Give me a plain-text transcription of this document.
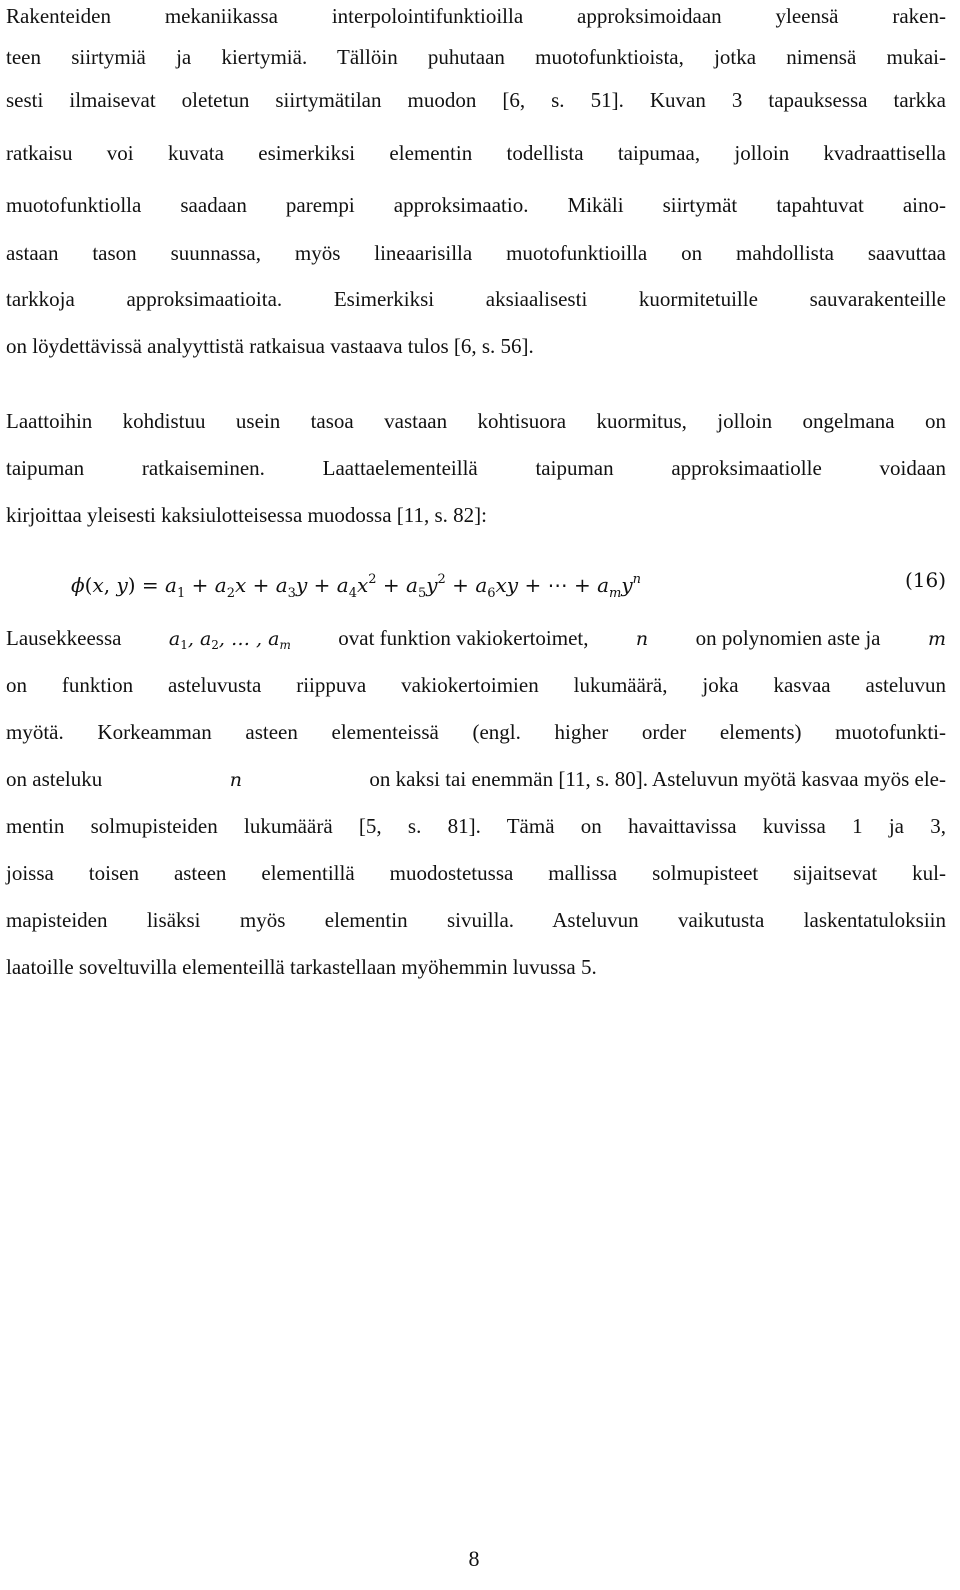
Rakenteiden mekaniikassa interpolointifunktioilla approksimoidaan yleensä raken-
teen siirtymiä ja kiertymiä. Tällöin puhutaan muotofunktioista, jotka nimensä mukai-
sesti ilmaisevat oletetun siirtymätilan muodon [6, s. 51]. Kuvan 3 tapauksessa tarkka
ratkaisu voi kuvata esimerkiksi elementin todellista taipumaa, jolloin kvadraattisella
muotofunktiolla saadaan parempi approksimaatio. Mikäli siirtymät tapahtuvat aino-
astaan tason suunnassa, myös lineaarisilla muotofunktioilla on mahdollista saavuttaa
tarkkoja approksimaatioita. Esimerkiksi aksiaalisesti kuormitetuille sauvarakenteille
on löydettävissä analyyttistä ratkaisua vastaava tulos [6, s. 56].
Laattoihin kohdistuu usein tasoa vastaan kohtisuora kuormitus, jolloin ongelmana on
taipuman ratkaiseminen. Laattaelementeillä taipuman approksimaatiolle voidaan
kirjoittaa yleisesti kaksiulotteisessa muodossa [11, s. 82]:
ϕ(x, $y) = a_1 + a_2x + a_3y + a_4x^2 + a_5y^2 + a_6xy$ + ⋯ + $a_my^n$	(16)
Lausekkeessa $a_1$, $a_2$, … , $a_m$ ovat funktion vakiokertoimet, n on polynomien aste ja m
on funktion asteluvusta riippuva vakiokertoimien lukumäärä, joka kasvaa asteluvun
myötä. Korkeamman asteen elementeissä (engl. higher order elements) muotofunkti-
on asteluku	n	on kaksi tai enemmän [11, s. 80]. Asteluvun myötä kasvaa myös ele-
mentin solmupisteiden lukumäärä [5, s. 81]. Tämä on havaittavissa kuvissa 1 ja 3,
joissa toisen asteen elementillä muodostetussa mallissa solmupisteet sijaitsevat kul-
mapisteiden lisäksi myös elementin sivuilla. Asteluvun vaikutusta laskentatuloksiin
laatoille soveltuvilla elementeillä tarkastellaan myöhemmin luvussa 5.
8
